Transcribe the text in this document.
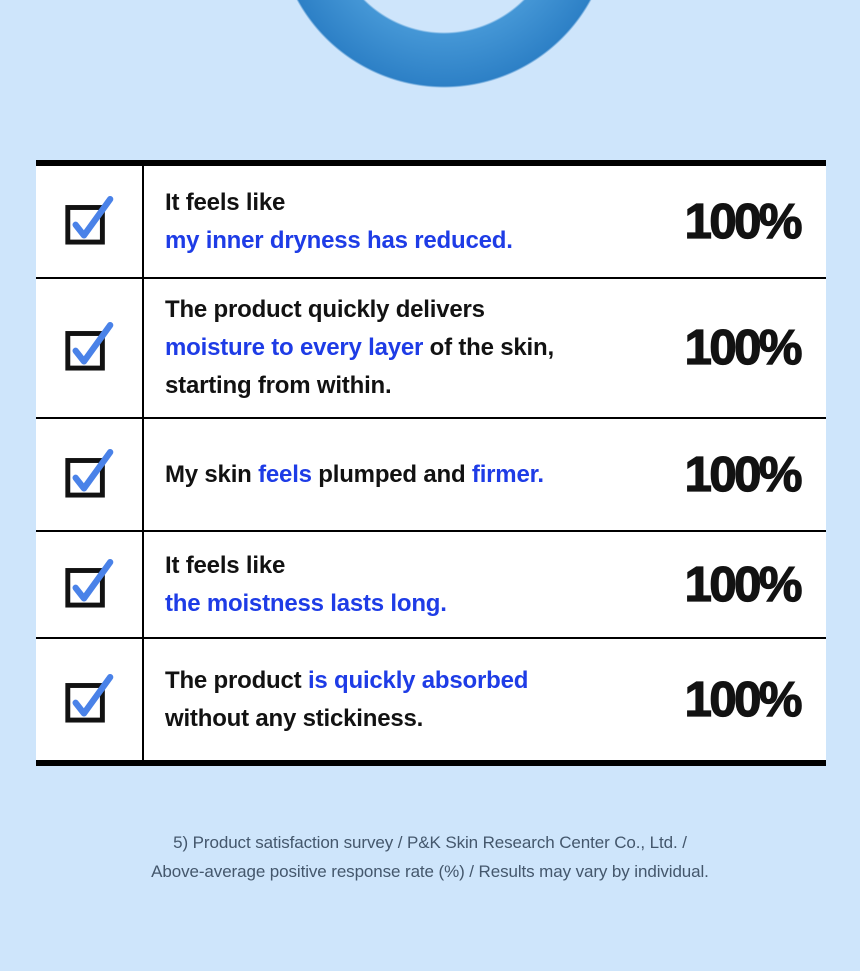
It feels like
my inner dryness has reduced.	100%
The product quickly delivers
moisture to every layer of the skin,
starting from within.
100%
My skin feels plumped and firmer.	100%
It feels like
the moistness lasts long.	100%
The product is quickly absorbed
without any stickiness.	100%
5) Product satisfaction survey / P&K Skin Research Center Co., Ltd. /
Above-average positive response rate (%) / Results may vary by individual.
